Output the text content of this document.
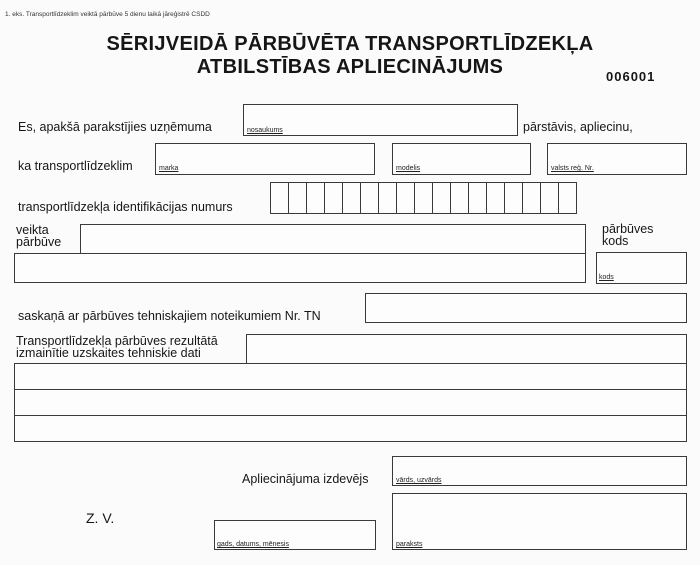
1. eks. Transportlīdzeklim veiktā pārbūve 5 dienu laikā jāreģistrē CSDD
SĒRIJVEIDĀ PĀRBŪVĒTA TRANSPORTLĪDZEKĻA
ATBILSTĪBAS APLIECINĀJUMS	006001
Es, apakšā parakstījies uzņēmuma	nosaukums	pārstāvis, apliecinu,
ka transportlīdzeklim	marka	modelis	valsts reģ. Nr.
transportlīdzekļa identifikācijas numurs
veikta
pārbūve
pārbūves
kods
kods
saskaņā ar pārbūves tehniskajiem noteikumiem Nr. TN
Transportlīdzekļa pārbūves rezultātā
izmainītie uzskaites tehniskie dati
Apliecinājuma izdevējs	vārds, uzvārds
Z. V.
gads, datums, mēnesis	paraksts
